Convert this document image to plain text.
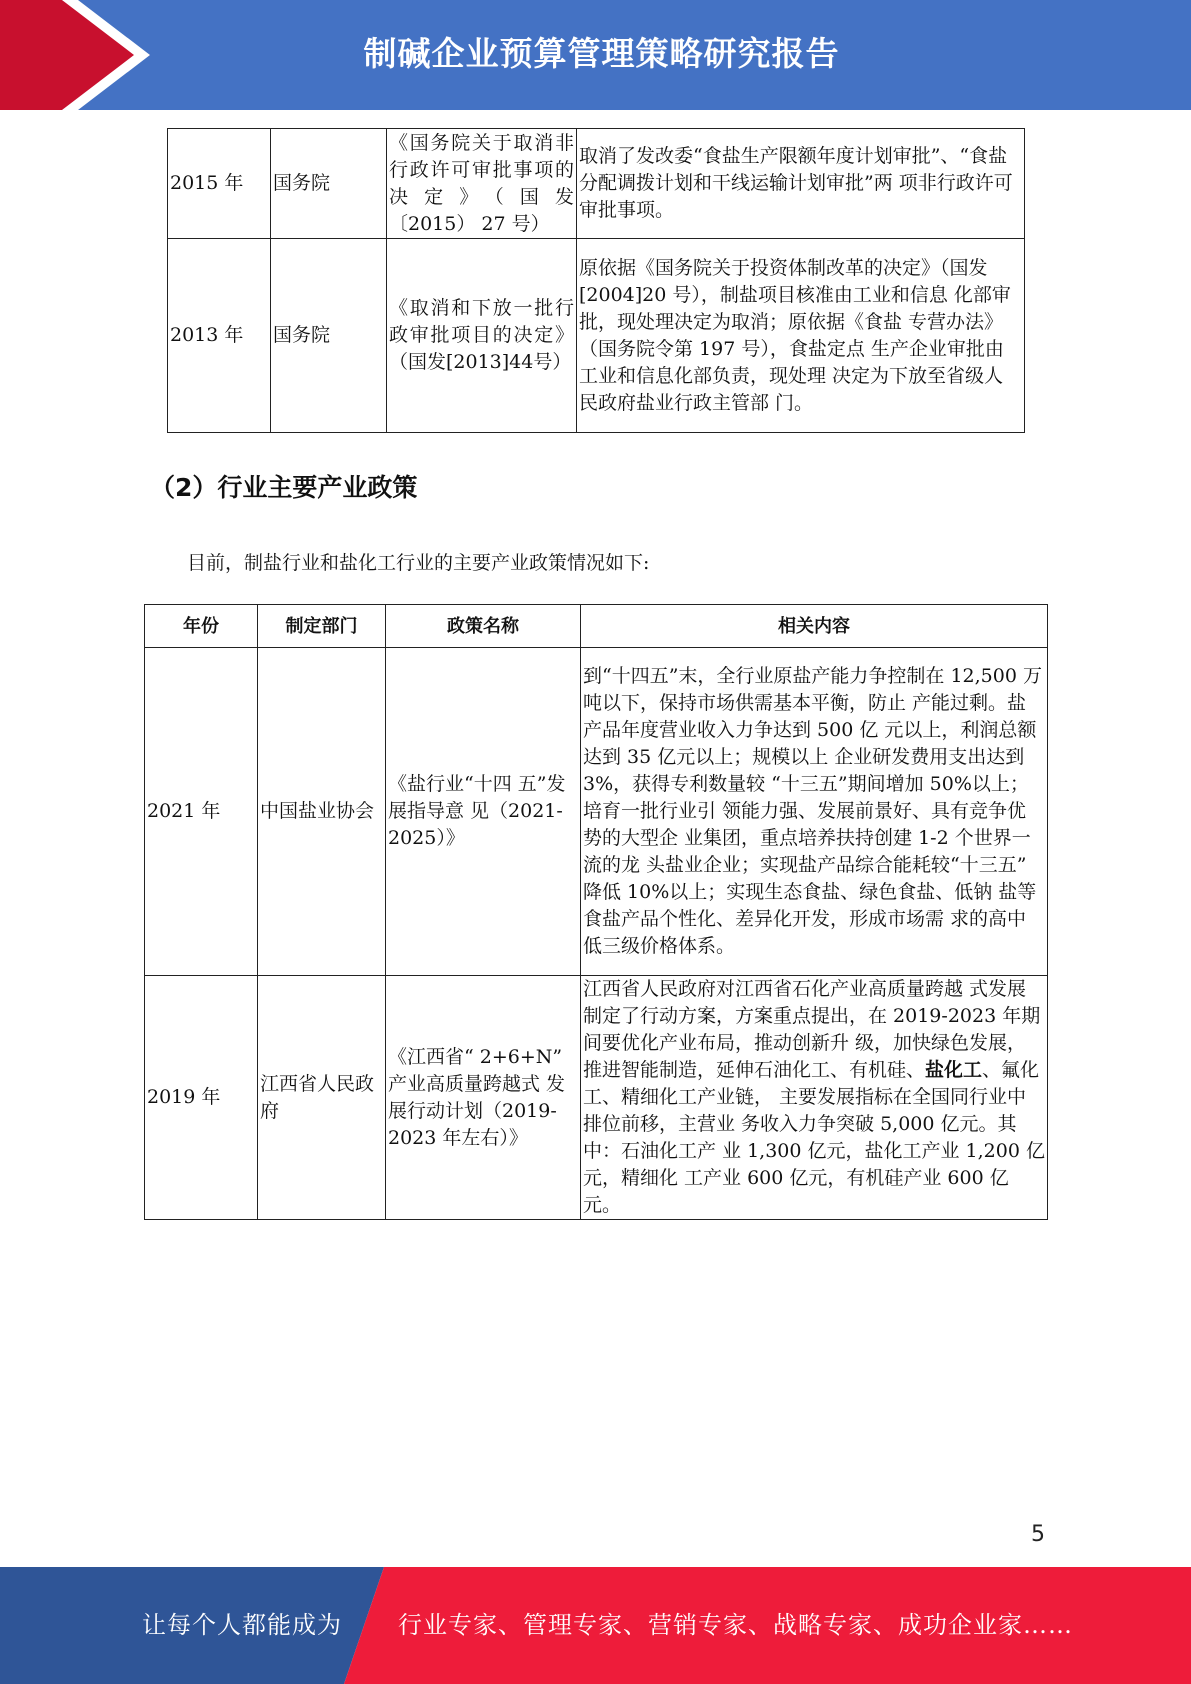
制碱企业预算管理策略研究报告
2015 年	国务院	《国务院关于取消非行政许可审批事项的决定》（国发〔2015） 27 号）	取消了发改委“食盐生产限额年度计划审批”、“食盐分配调拨计划和干线运输计划审批”两 项非行政许可审批事项。
2013 年	国务院	《取消和下放一批行政审批项目的决定》（国发[2013]44号）	原依据《国务院关于投资体制改革的决定》（国发[2004]20 号），制盐项目核准由工业和信息 化部审批，现处理决定为取消；原依据《食盐 专营办法》（国务院令第 197 号），食盐定点 生产企业审批由工业和信息化部负责，现处理 决定为下放至省级人民政府盐业行政主管部 门。
（2）行业主要产业政策
目前，制盐行业和盐化工行业的主要产业政策情况如下:
年份	制定部门	政策名称	相关内容
2021 年	中国盐业协会	《盐行业“十四 五”发展指导意 见（2021-2025）》	到“十四五”末，全行业原盐产能力争控制在 12,500 万吨以下，保持市场供需基本平衡，防止 产能过剩。盐产品年度营业收入力争达到 500 亿 元以上，利润总额达到 35 亿元以上；规模以上 企业研发费用支出达到 3%，获得专利数量较 “十三五”期间增加 50%以上；培育一批行业引 领能力强、发展前景好、具有竞争优势的大型企 业集团，重点培养扶持创建 1-2 个世界一流的龙 头盐业企业；实现盐产品综合能耗较“十三五” 降低 10%以上；实现生态食盐、绿色食盐、低钠 盐等食盐产品个性化、差异化开发，形成市场需 求的高中低三级价格体系。
2019 年	江西省人民政府	《江西省“ 2+6+N” 产业高质量跨越式 发展行动计划（2019-2023 年左右）》	江西省人民政府对江西省石化产业高质量跨越 式发展制定了行动方案，方案重点提出，在 2019-2023 年期间要优化产业布局，推动创新升 级，加快绿色发展，推进智能制造，延伸石油化工、有机硅、盐化工、氟化工、精细化工产业链， 主要发展指标在全国同行业中排位前移，主营业 务收入力争突破 5,000 亿元。其中：石油化工产 业 1,300 亿元，盐化工产业 1,200 亿元，精细化 工产业 600 亿元，有机硅产业 600 亿元。
5
让每个人都能成为 行业专家、管理专家、营销专家、战略专家、成功企业家……
